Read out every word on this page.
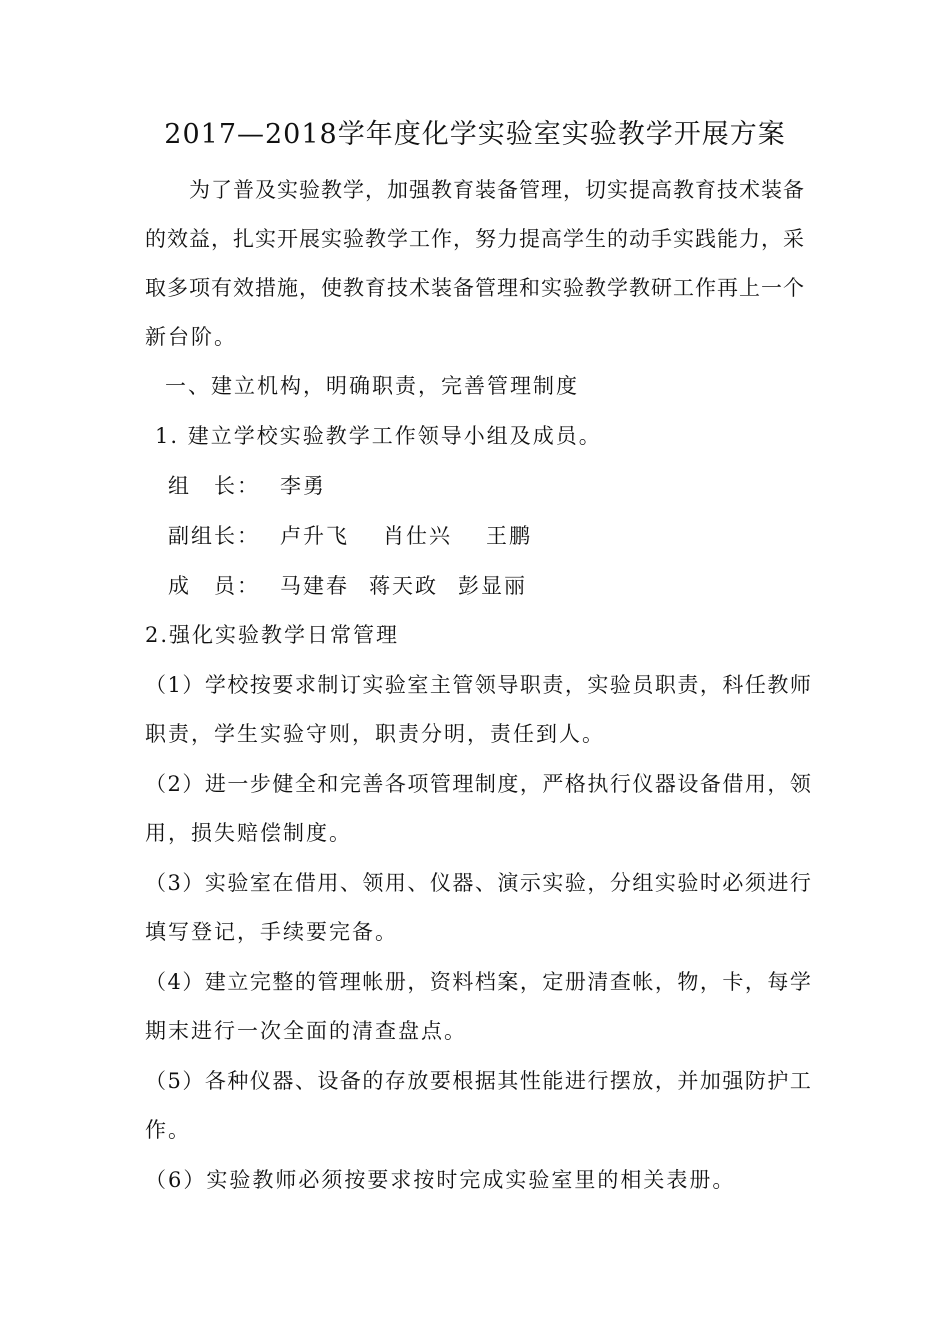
2017—2018学年度化学实验室实验教学开展方案
为了普及实验教学，加强教育装备管理，切实提高教育技术装备
的效益，扎实开展实验教学工作，努力提高学生的动手实践能力，采
取多项有效措施，使教育技术装备管理和实验教学教研工作再上一个
新台阶。
一、建立机构，明确职责，完善管理制度
1. 建立学校实验教学工作领导小组及成员。
组　长： 李勇
副组长： 卢升飞 肖仕兴 王鹏
成　员： 马建春 蒋天政 彭显丽
2.强化实验教学日常管理
（1）学校按要求制订实验室主管领导职责，实验员职责，科任教师
职责，学生实验守则，职责分明，责任到人。
（2）进一步健全和完善各项管理制度，严格执行仪器设备借用，领
用，损失赔偿制度。
（3）实验室在借用、领用、仪器、演示实验，分组实验时必须进行
填写登记，手续要完备。
（4）建立完整的管理帐册，资料档案，定册清查帐，物，卡，每学
期末进行一次全面的清查盘点。
（5）各种仪器、设备的存放要根据其性能进行摆放，并加强防护工
作。
（6）实验教师必须按要求按时完成实验室里的相关表册。
